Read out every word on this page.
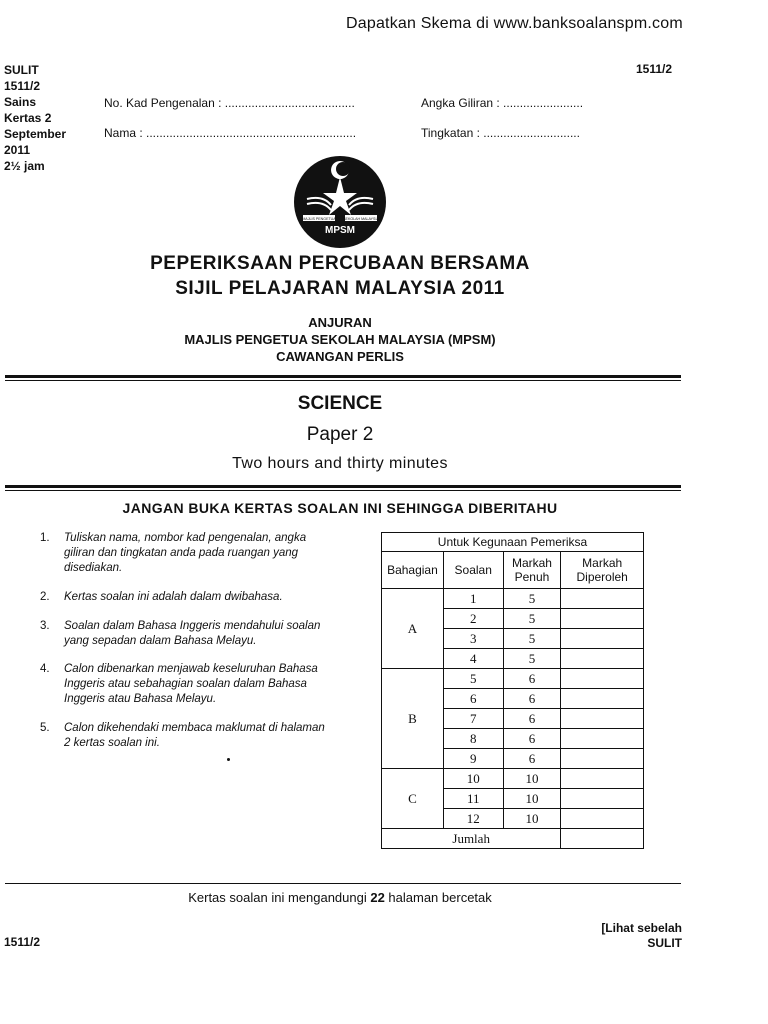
Dapatkan Skema di www.banksoalanspm.com
SULIT
1511/2
Sains
Kertas 2
September
2011
2½ jam
1511/2
No. Kad Pengenalan : .......................................	Angka Giliran : ........................
Nama : ...............................................................	Tingkatan : .............................
MAJLIS PENGETUA SEKOLAH MALAYSIA
MPSM
PEPERIKSAAN PERCUBAAN BERSAMA
SIJIL PELAJARAN MALAYSIA 2011
ANJURAN
MAJLIS PENGETUA SEKOLAH MALAYSIA (MPSM)
CAWANGAN PERLIS
SCIENCE
Paper 2
Two hours and thirty minutes
JANGAN BUKA KERTAS SOALAN INI SEHINGGA DIBERITAHU
1. Tuliskan nama, nombor kad pengenalan, angka giliran dan tingkatan anda pada ruangan yang disediakan.
2. Kertas soalan ini adalah dalam dwibahasa.
3. Soalan dalam Bahasa Inggeris mendahului soalan yang sepadan dalam Bahasa Melayu.
4. Calon dibenarkan menjawab keseluruhan Bahasa Inggeris atau sebahagian soalan dalam Bahasa Inggeris atau Bahasa Melayu.
5. Calon dikehendaki membaca maklumat di halaman 2 kertas soalan ini.
Untuk Kegunaan Pemeriksa			
Bahagian	Soalan	Markah Penuh	Markah Diperoleh
A	1	5	
	2	5	
	3	5	
	4	5	
B	5	6	
	6	6	
	7	6	
	8	6	
	9	6	
C	10	10	
	11	10	
	12	10	
Jumlah			
Kertas soalan ini mengandungi 22 halaman bercetak
1511/2
[Lihat sebelah
SULIT
